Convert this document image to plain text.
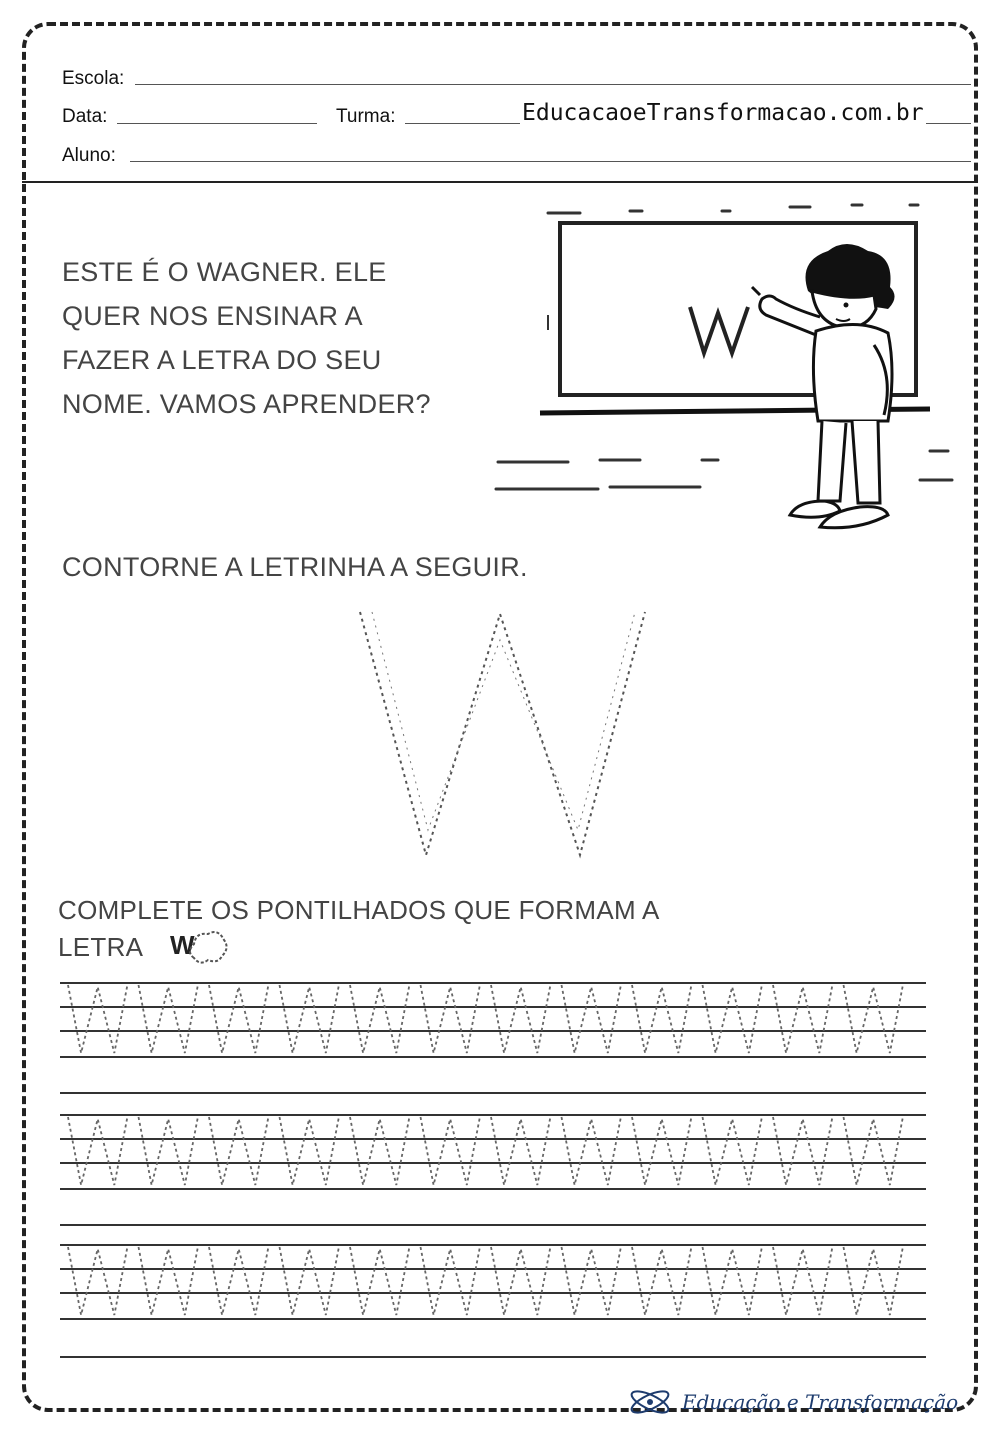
Escola:
Data:	Turma:	EducacaoeTransformacao.com.br
Aluno:

ESTE É O WAGNER. ELE

QUER NOS ENSINAR A

FAZER A LETRA DO SEU

NOME. VAMOS APRENDER?

CONTORNE A LETRINHA A SEGUIR.
COMPLETE OS PONTILHADOS QUE FORMAM A
LETRA W
Educação e Transformação
